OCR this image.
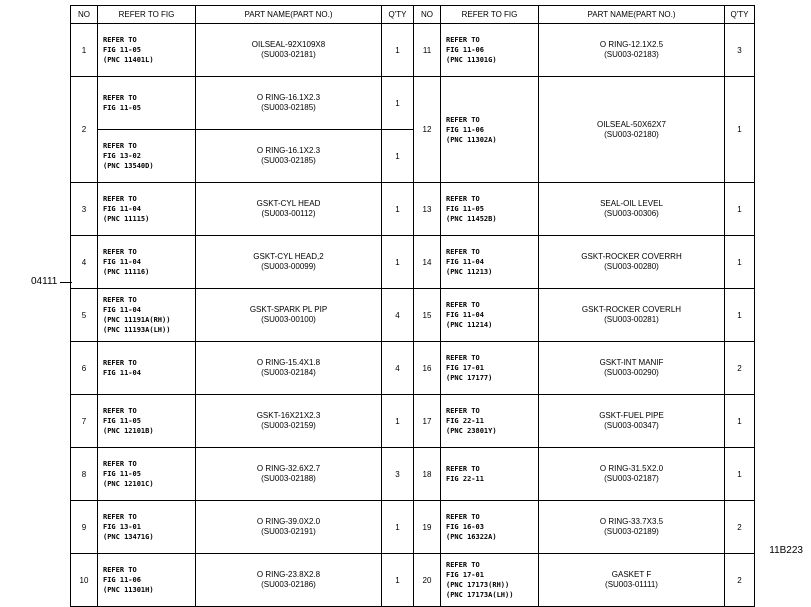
04111
NO	REFER TO FIG	PART NAME(PART NO.)	Q'TY	NO	REFER TO FIG	PART NAME(PART NO.)	Q'TY
1	REFER TO
FIG 11-05
(PNC 11401L)	OILSEAL-92X109X8
(SU003-02181)	1	11	REFER TO
FIG 11-06
(PNC 11301G)	O RING-12.1X2.5
(SU003-02183)	3
2	REFER TO
FIG 11-05	O RING-16.1X2.3
(SU003-02185)	1	12	REFER TO
FIG 11-06
(PNC 11302A)	OILSEAL-50X62X7
(SU003-02180)	1
	REFER TO
FIG 13-02
(PNC 13540D)	O RING-16.1X2.3
(SU003-02185)	1				
3	REFER TO
FIG 11-04
(PNC 11115)	GSKT-CYL HEAD
(SU003-00112)	1	13	REFER TO
FIG 11-05
(PNC 11452B)	SEAL-OIL LEVEL
(SU003-00306)	1
4	REFER TO
FIG 11-04
(PNC 11116)	GSKT-CYL HEAD,2
(SU003-00099)	1	14	REFER TO
FIG 11-04
(PNC 11213)	GSKT-ROCKER COVERRH
(SU003-00280)	1
5	REFER TO
FIG 11-04
(PNC 11191A(RH))
(PNC 11193A(LH))	GSKT-SPARK PL PIP
(SU003-00100)	4	15	REFER TO
FIG 11-04
(PNC 11214)	GSKT-ROCKER COVERLH
(SU003-00281)	1
6	REFER TO
FIG 11-04	O RING-15.4X1.8
(SU003-02184)	4	16	REFER TO
FIG 17-01
(PNC 17177)	GSKT-INT MANIF
(SU003-00290)	2
7	REFER TO
FIG 11-05
(PNC 12101B)	GSKT-16X21X2.3
(SU003-02159)	1	17	REFER TO
FIG 22-11
(PNC 23801Y)	GSKT-FUEL PIPE
(SU003-00347)	1
8	REFER TO
FIG 11-05
(PNC 12101C)	O RING-32.6X2.7
(SU003-02188)	3	18	REFER TO
FIG 22-11	O RING-31.5X2.0
(SU003-02187)	1
9	REFER TO
FIG 13-01
(PNC 13471G)	O RING-39.0X2.0
(SU003-02191)	1	19	REFER TO
FIG 16-03
(PNC 16322A)	O RING-33.7X3.5
(SU003-02189)	2
10	REFER TO
FIG 11-06
(PNC 11301H)	O RING-23.8X2.8
(SU003-02186)	1	20	REFER TO
FIG 17-01
(PNC 17173(RH))
(PNC 17173A(LH))	GASKET F
(SU003-01111)	2
11B223
